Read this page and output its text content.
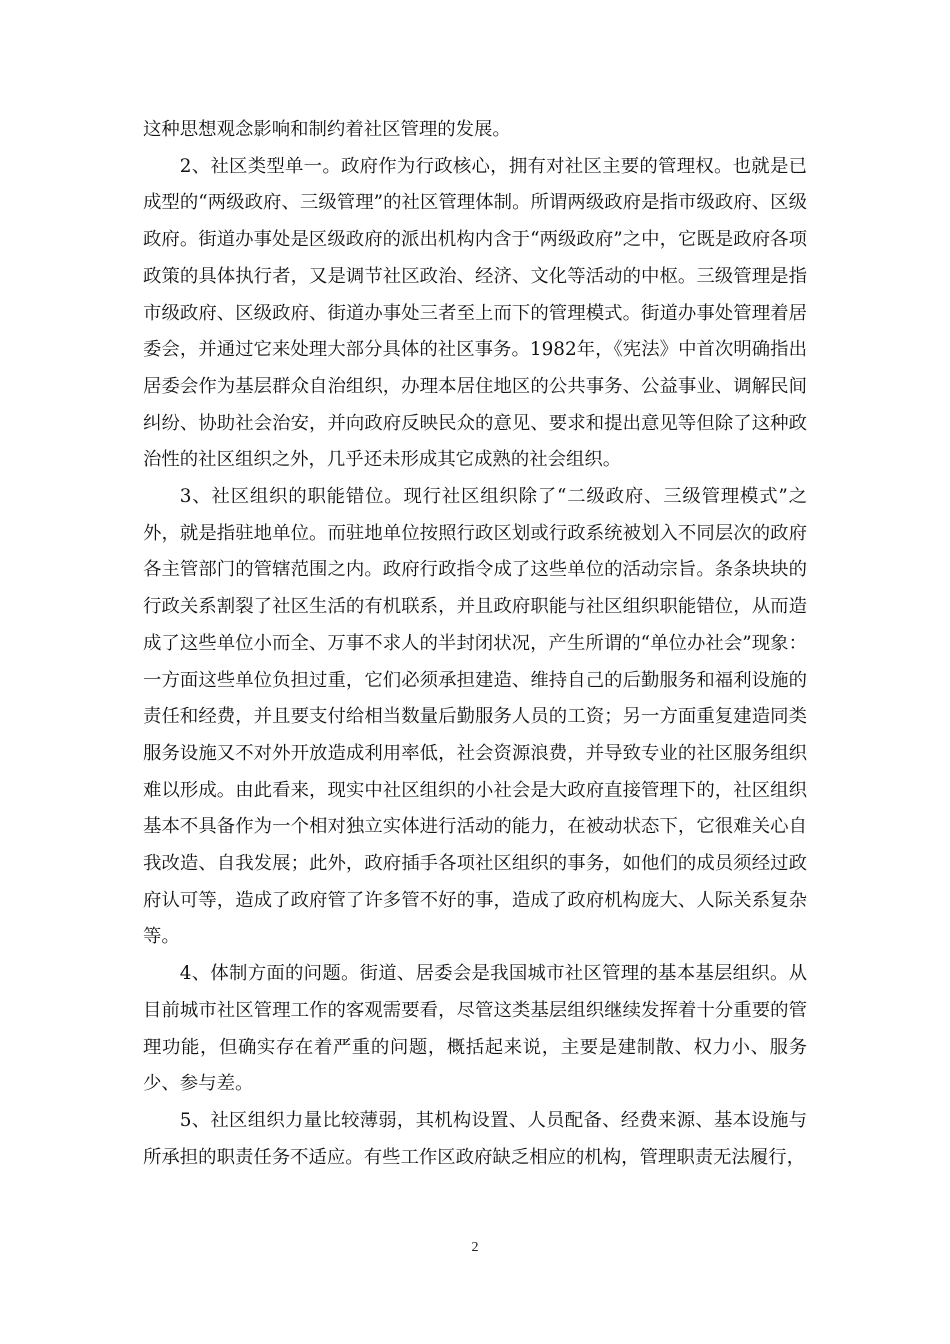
这种思想观念影响和制约着社区管理的发展。

2、社区类型单一。政府作为行政核心，拥有对社区主要的管理权。也就是已成型的“两级政府、三级管理”的社区管理体制。所谓两级政府是指市级政府、区级政府。街道办事处是区级政府的派出机构内含于“两级政府”之中，它既是政府各项政策的具体执行者，又是调节社区政治、经济、文化等活动的中枢。三级管理是指市级政府、区级政府、街道办事处三者至上而下的管理模式。街道办事处管理着居委会，并通过它来处理大部分具体的社区事务。1982年，《宪法》中首次明确指出居委会作为基层群众自治组织，办理本居住地区的公共事务、公益事业、调解民间纠纷、协助社会治安，并向政府反映民众的意见、要求和提出意见等但除了这种政治性的社区组织之外，几乎还未形成其它成熟的社会组织。

3、社区组织的职能错位。现行社区组织除了“二级政府、三级管理模式”之外，就是指驻地单位。而驻地单位按照行政区划或行政系统被划入不同层次的政府各主管部门的管辖范围之内。政府行政指令成了这些单位的活动宗旨。条条块块的行政关系割裂了社区生活的有机联系，并且政府职能与社区组织职能错位，从而造成了这些单位小而全、万事不求人的半封闭状况，产生所谓的“单位办社会”现象：一方面这些单位负担过重，它们必须承担建造、维持自己的后勤服务和福利设施的责任和经费，并且要支付给相当数量后勤服务人员的工资；另一方面重复建造同类服务设施又不对外开放造成利用率低，社会资源浪费，并导致专业的社区服务组织难以形成。由此看来，现实中社区组织的小社会是大政府直接管理下的，社区组织基本不具备作为一个相对独立实体进行活动的能力，在被动状态下，它很难关心自我改造、自我发展；此外，政府插手各项社区组织的事务，如他们的成员须经过政府认可等，造成了政府管了许多管不好的事，造成了政府机构庞大、人际关系复杂等。

4、体制方面的问题。街道、居委会是我国城市社区管理的基本基层组织。从目前城市社区管理工作的客观需要看，尽管这类基层组织继续发挥着十分重要的管理功能，但确实存在着严重的问题，概括起来说，主要是建制散、权力小、服务少、参与差。

5、社区组织力量比较薄弱，其机构设置、人员配备、经费来源、基本设施与所承担的职责任务不适应。有些工作区政府缺乏相应的机构，管理职责无法履行，

2
